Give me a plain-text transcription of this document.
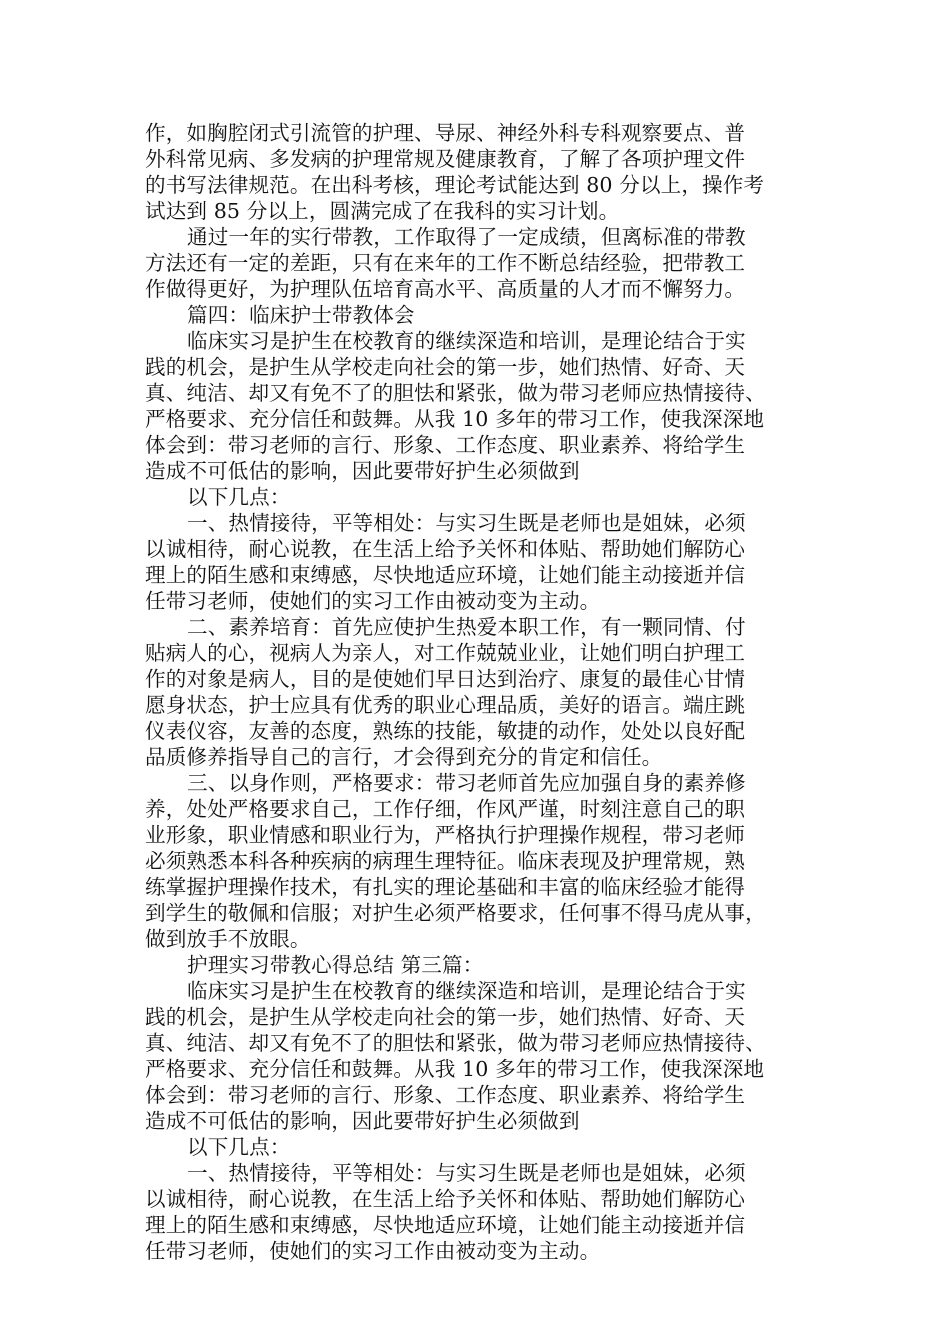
作，如胸腔闭式引流管的护理、导尿、神经外科专科观察要点、普
外科常见病、多发病的护理常规及健康教育，了解了各项护理文件
的书写法律规范。在出科考核，理论考试能达到 80 分以上，操作考
试达到 85 分以上，圆满完成了在我科的实习计划。
通过一年的实行带教，工作取得了一定成绩，但离标准的带教
方法还有一定的差距，只有在来年的工作不断总结经验，把带教工
作做得更好，为护理队伍培育高水平、高质量的人才而不懈努力。
篇四：临床护士带教体会
临床实习是护生在校教育的继续深造和培训，是理论结合于实
践的机会，是护生从学校走向社会的第一步，她们热情、好奇、天
真、纯洁、却又有免不了的胆怯和紧张，做为带习老师应热情接待、
严格要求、充分信任和鼓舞。从我 10 多年的带习工作，使我深深地
体会到：带习老师的言行、形象、工作态度、职业素养、将给学生
造成不可低估的影响，因此要带好护生必须做到
以下几点：
一、热情接待，平等相处：与实习生既是老师也是姐妹，必须
以诚相待，耐心说教，在生活上给予关怀和体贴、帮助她们解防心
理上的陌生感和束缚感，尽快地适应环境，让她们能主动接逝并信
任带习老师，使她们的实习工作由被动变为主动。
二、素养培育：首先应使护生热爱本职工作，有一颗同情、付
贴病人的心，视病人为亲人，对工作兢兢业业，让她们明白护理工
作的对象是病人，目的是使她们早日达到治疗、康复的最佳心甘情
愿身状态，护士应具有优秀的职业心理品质，美好的语言。端庄跳
仪表仪容，友善的态度，熟练的技能，敏捷的动作，处处以良好配
品质修养指导自己的言行，才会得到充分的肯定和信任。
三、以身作则，严格要求：带习老师首先应加强自身的素养修
养，处处严格要求自己，工作仔细，作风严谨，时刻注意自己的职
业形象，职业情感和职业行为，严格执行护理操作规程，带习老师
必须熟悉本科各种疾病的病理生理特征。临床表现及护理常规，熟
练掌握护理操作技术，有扎实的理论基础和丰富的临床经验才能得
到学生的敬佩和信服；对护生必须严格要求，任何事不得马虎从事，
做到放手不放眼。
护理实习带教心得总结 第三篇：
临床实习是护生在校教育的继续深造和培训，是理论结合于实
践的机会，是护生从学校走向社会的第一步，她们热情、好奇、天
真、纯洁、却又有免不了的胆怯和紧张，做为带习老师应热情接待、
严格要求、充分信任和鼓舞。从我 10 多年的带习工作，使我深深地
体会到：带习老师的言行、形象、工作态度、职业素养、将给学生
造成不可低估的影响，因此要带好护生必须做到
以下几点：
一、热情接待，平等相处：与实习生既是老师也是姐妹，必须
以诚相待，耐心说教，在生活上给予关怀和体贴、帮助她们解防心
理上的陌生感和束缚感，尽快地适应环境，让她们能主动接逝并信
任带习老师，使她们的实习工作由被动变为主动。
